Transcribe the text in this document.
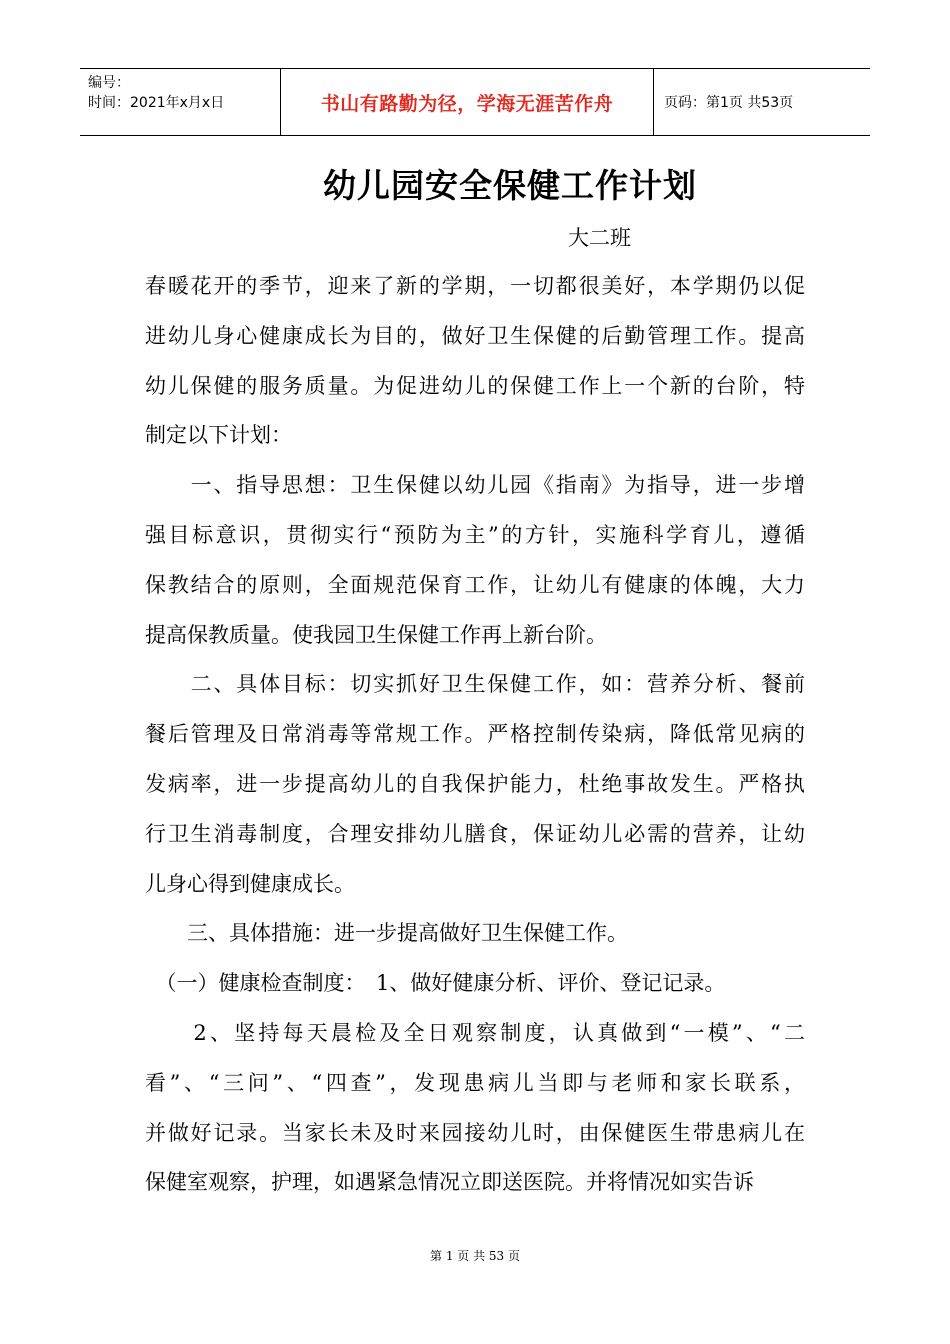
编号：
时间：2021年x月x日	书山有路勤为径，学海无涯苦作舟	页码：第1页 共53页
幼儿园安全保健工作计划
大二班

春暖花开的季节，迎来了新的学期，一切都很美好，本学期仍以促
进幼儿身心健康成长为目的，做好卫生保健的后勤管理工作。提高
幼儿保健的服务质量。为促进幼儿的保健工作上一个新的台阶，特
制定以下计划：

　　一、指导思想：卫生保健以幼儿园《指南》为指导，进一步增
强目标意识，贯彻实行“预防为主”的方针，实施科学育儿，遵循
保教结合的原则，全面规范保育工作，让幼儿有健康的体魄，大力
提高保教质量。使我园卫生保健工作再上新台阶。

　　二、具体目标：切实抓好卫生保健工作，如：营养分析、餐前
餐后管理及日常消毒等常规工作。严格控制传染病，降低常见病的
发病率，进一步提高幼儿的自我保护能力，杜绝事故发生。严格执
行卫生消毒制度，合理安排幼儿膳食，保证幼儿必需的营养，让幼
儿身心得到健康成长。

　　三、具体措施：进一步提高做好卫生保健工作。

　（一）健康检查制度：　1、做好健康分析、评价、登记记录。

　　2、坚持每天晨检及全日观察制度，认真做到“一模”、“二
看”、“三问”、“四查”，发现患病儿当即与老师和家长联系，
并做好记录。当家长未及时来园接幼儿时，由保健医生带患病儿在
保健室观察，护理，如遇紧急情况立即送医院。并将情况如实告诉

第 1 页 共 53 页
